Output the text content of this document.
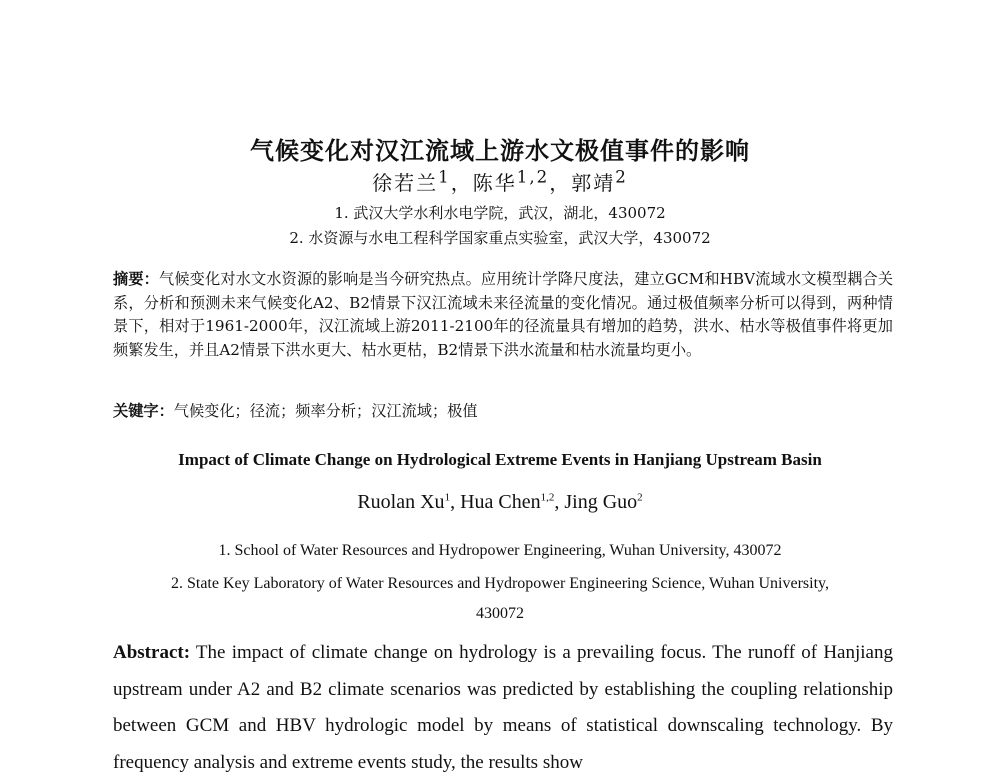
气候变化对汉江流域上游水文极值事件的影响
徐若兰$^1$，陈华$^{1,2}$，郭靖$^2$
1. 武汉大学水利水电学院，武汉，湖北，430072
2. 水资源与水电工程科学国家重点实验室，武汉大学，430072
摘要：气候变化对水文水资源的影响是当今研究热点。应用统计学降尺度法，建立GCM和HBV流域水文模型耦合关系，分析和预测未来气候变化A2、B2情景下汉江流域未来径流量的变化情况。通过极值频率分析可以得到，两种情景下，相对于1961-2000年，汉江流域上游2011-2100年的径流量具有增加的趋势，洪水、枯水等极值事件将更加频繁发生，并且A2情景下洪水更大、枯水更枯，B2情景下洪水流量和枯水流量均更小。
关键字：气候变化；径流；频率分析；汉江流域；极值
Impact of Climate Change on Hydrological Extreme Events in Hanjiang Upstream Basin
Ruolan Xu$^1$, Hua Chen$^{1,2}$, Jing Guo$^2$
1. School of Water Resources and Hydropower Engineering, Wuhan University, 430072
2. State Key Laboratory of Water Resources and Hydropower Engineering Science, Wuhan University,
430072
Abstract: The impact of climate change on hydrology is a prevailing focus. The runoff of Hanjiang upstream under A2 and B2 climate scenarios was predicted by establishing the coupling relationship between GCM and HBV hydrologic model by means of statistical downscaling technology. By frequency analysis and extreme events study, the results show
